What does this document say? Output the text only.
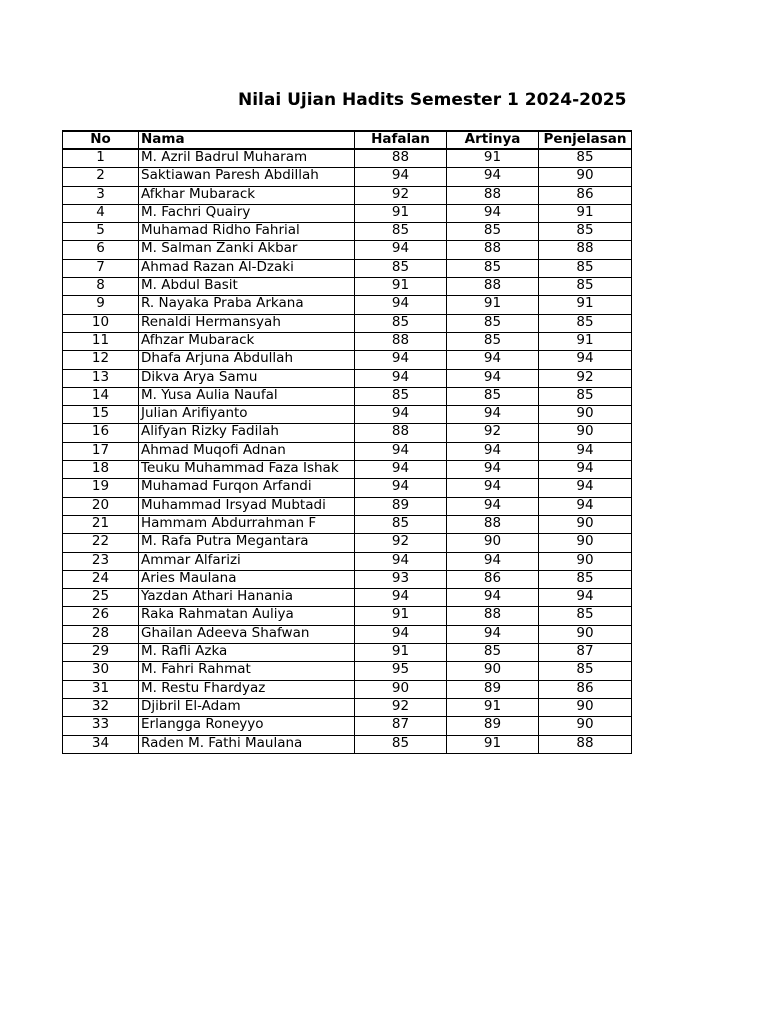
Nilai Ujian Hadits Semester 1 2024-2025
No	Nama	Hafalan	Artinya	Penjelasan
1	M. Azril Badrul Muharam	88	91	85
2	Saktiawan Paresh Abdillah	94	94	90
3	Afkhar Mubarack	92	88	86
4	M. Fachri Quairy	91	94	91
5	Muhamad Ridho Fahrial	85	85	85
6	M. Salman Zanki Akbar	94	88	88
7	Ahmad Razan Al-Dzaki	85	85	85
8	M. Abdul Basit	91	88	85
9	R. Nayaka Praba Arkana	94	91	91
10	Renaldi Hermansyah	85	85	85
11	Afhzar Mubarack	88	85	91
12	Dhafa Arjuna Abdullah	94	94	94
13	Dikva Arya Samu	94	94	92
14	M. Yusa Aulia Naufal	85	85	85
15	Julian Arifiyanto	94	94	90
16	Alifyan Rizky Fadilah	88	92	90
17	Ahmad Muqofi Adnan	94	94	94
18	Teuku Muhammad Faza Ishak	94	94	94
19	Muhamad Furqon Arfandi	94	94	94
20	Muhammad Irsyad Mubtadi	89	94	94
21	Hammam Abdurrahman F	85	88	90
22	M. Rafa Putra Megantara	92	90	90
23	Ammar Alfarizi	94	94	90
24	Aries Maulana	93	86	85
25	Yazdan Athari Hanania	94	94	94
26	Raka Rahmatan Auliya	91	88	85
28	Ghailan Adeeva Shafwan	94	94	90
29	M. Rafli Azka	91	85	87
30	M. Fahri Rahmat	95	90	85
31	M. Restu Fhardyaz	90	89	86
32	Djibril El-Adam	92	91	90
33	Erlangga Roneyyo	87	89	90
34	Raden M. Fathi Maulana	85	91	88
